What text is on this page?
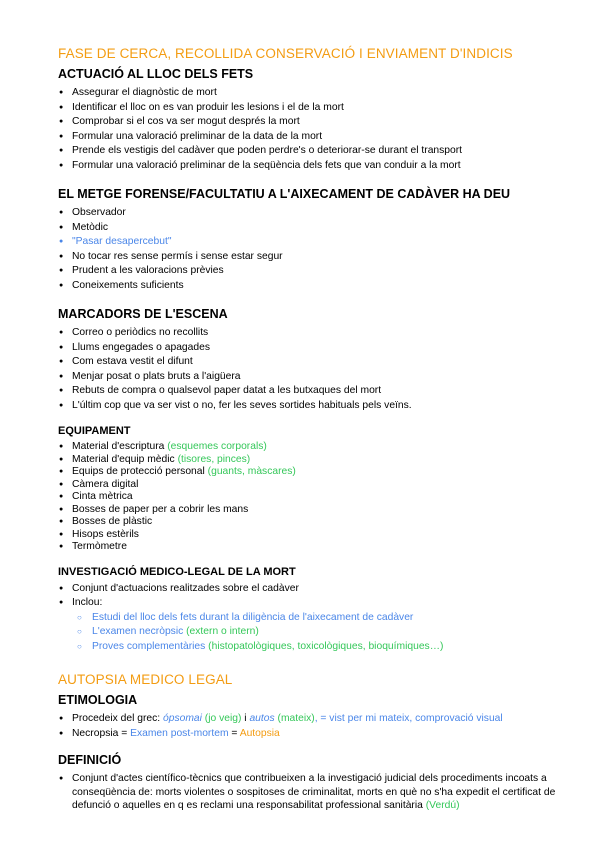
FASE DE CERCA, RECOLLIDA CONSERVACIÓ I ENVIAMENT D'INDICIS
ACTUACIÓ AL LLOC DELS FETS
● Assegurar el diagnòstic de mort
● Identificar el lloc on es van produir les lesions i el de la mort
● Comprobar si el cos va ser mogut després la mort
● Formular una valoració preliminar de la data de la mort
● Prende els vestigis del cadàver que poden perdre's o deteriorar-se durant el transport
● Formular una valoració preliminar de la seqüència dels fets que van conduir a la mort
EL METGE FORENSE/FACULTATIU A L'AIXECAMENT DE CADÀVER HA DEU
● Observador
● Metòdic
● "Pasar desapercebut"
● No tocar res sense permís i sense estar segur
● Prudent a les valoracions prèvies
● Coneixements suficients
MARCADORS DE L'ESCENA
● Correo o periòdics no recollits
● Llums engegades o apagades
● Com estava vestit el difunt
● Menjar posat o plats bruts a l'aigüera
● Rebuts de compra o qualsevol paper datat a les butxaques del mort
● L'últim cop que va ser vist o no, fer les seves sortides habituals pels veïns.
EQUIPAMENT
● Material d'escriptura (esquemes corporals)
● Material d'equip mèdic (tisores, pinces)
● Equips de protecció personal (guants, màscares)
● Càmera digital
● Cinta mètrica
● Bosses de paper per a cobrir les mans
● Bosses de plàstic
● Hisops estèrils
● Termòmetre
INVESTIGACIÓ MEDICO-LEGAL DE LA MORT
● Conjunt d'actuacions realitzades sobre el cadàver
● Inclou:
○ Estudi del lloc dels fets durant la diligència de l'aixecament de cadàver
○ L'examen necròpsic (extern o intern)
○ Proves complementàries (histopatològiques, toxicològiques, bioquímiques…)
AUTOPSIA MEDICO LEGAL
ETIMOLOGIA
● Procedeix del grec: ópsomai (jo veig) i autos (mateix), = vist per mi mateix, comprovació visual
● Necropsia = Examen post-mortem = Autopsia
DEFINICIÓ
● Conjunt d'actes científico-tècnics que contribueixen a la investigació judicial dels procediments incoats a conseqüència de: morts violentes o sospitoses de criminalitat, morts en què no s'ha expedit el certificat de defunció o aquelles en q es reclami una responsabilitat professional sanitària (Verdú)
